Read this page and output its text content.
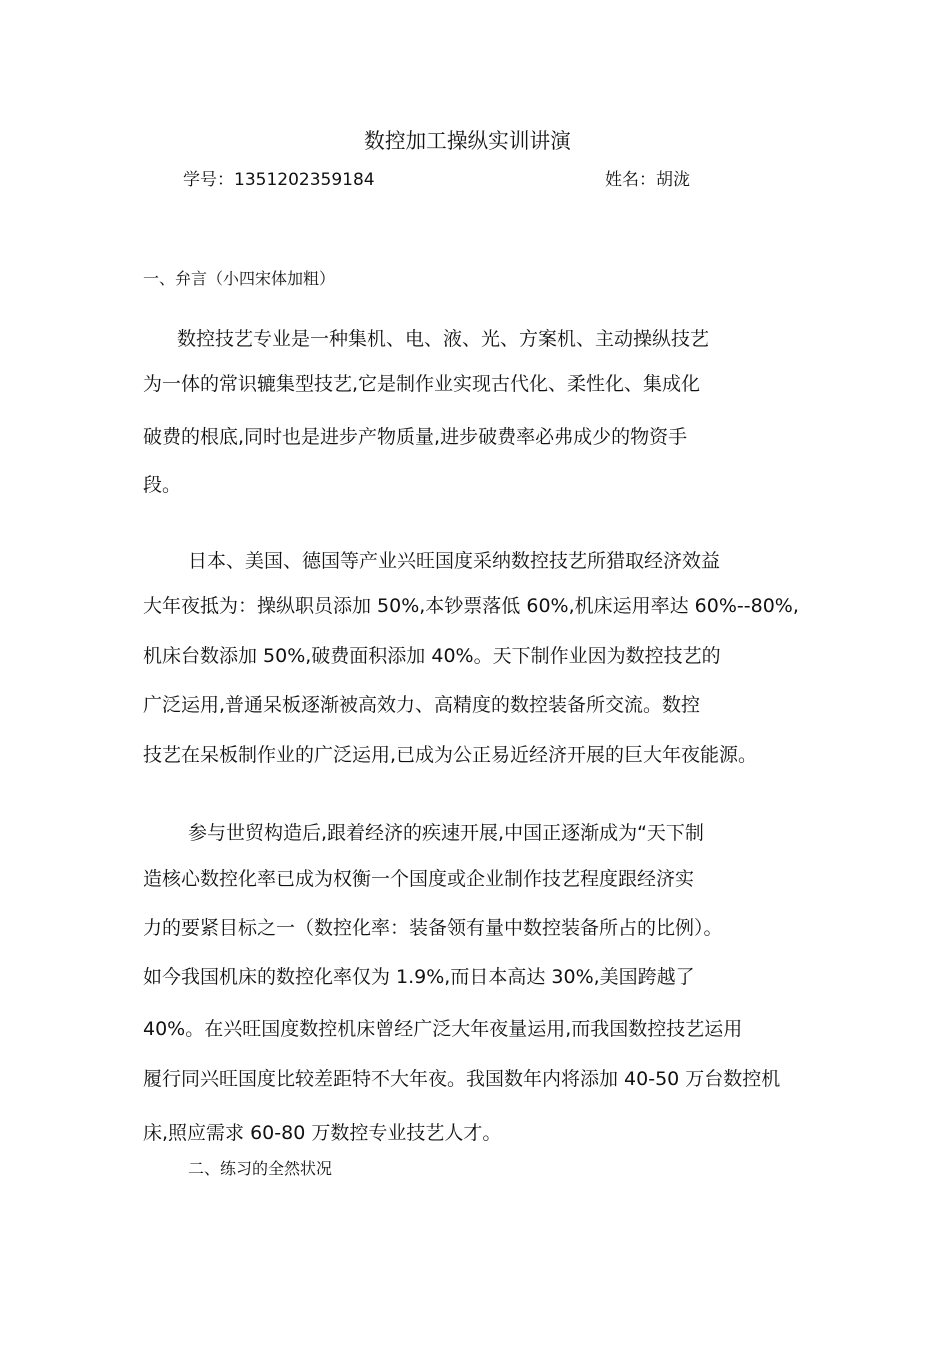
数控加工操纵实训讲演
学号：1351202359184	姓名：胡泷
一、弁言（小四宋体加粗）
数控技艺专业是一种集机、电、液、光、方案机、主动操纵技艺
为一体的常识辘集型技艺,它是制作业实现古代化、柔性化、集成化
破费的根底,同时也是进步产物质量,进步破费率必弗成少的物资手
段。
日本、美国、德国等产业兴旺国度采纳数控技艺所猎取经济效益
大年夜抵为：操纵职员添加 50%,本钞票落低 60%,机床运用率达 60%--80%,
机床台数添加 50%,破费面积添加 40%。天下制作业因为数控技艺的
广泛运用,普通呆板逐渐被高效力、高精度的数控装备所交流。数控
技艺在呆板制作业的广泛运用,已成为公正易近经济开展的巨大年夜能源。
参与世贸构造后,跟着经济的疾速开展,中国正逐渐成为“天下制
造核心数控化率已成为权衡一个国度或企业制作技艺程度跟经济实
力的要紧目标之一（数控化率：装备领有量中数控装备所占的比例）。
如今我国机床的数控化率仅为 1.9%,而日本高达 30%,美国跨越了
40%。在兴旺国度数控机床曾经广泛大年夜量运用,而我国数控技艺运用
履行同兴旺国度比较差距特不大年夜。我国数年内将添加 40-50 万台数控机
床,照应需求 60-80 万数控专业技艺人才。
二、练习的全然状况
